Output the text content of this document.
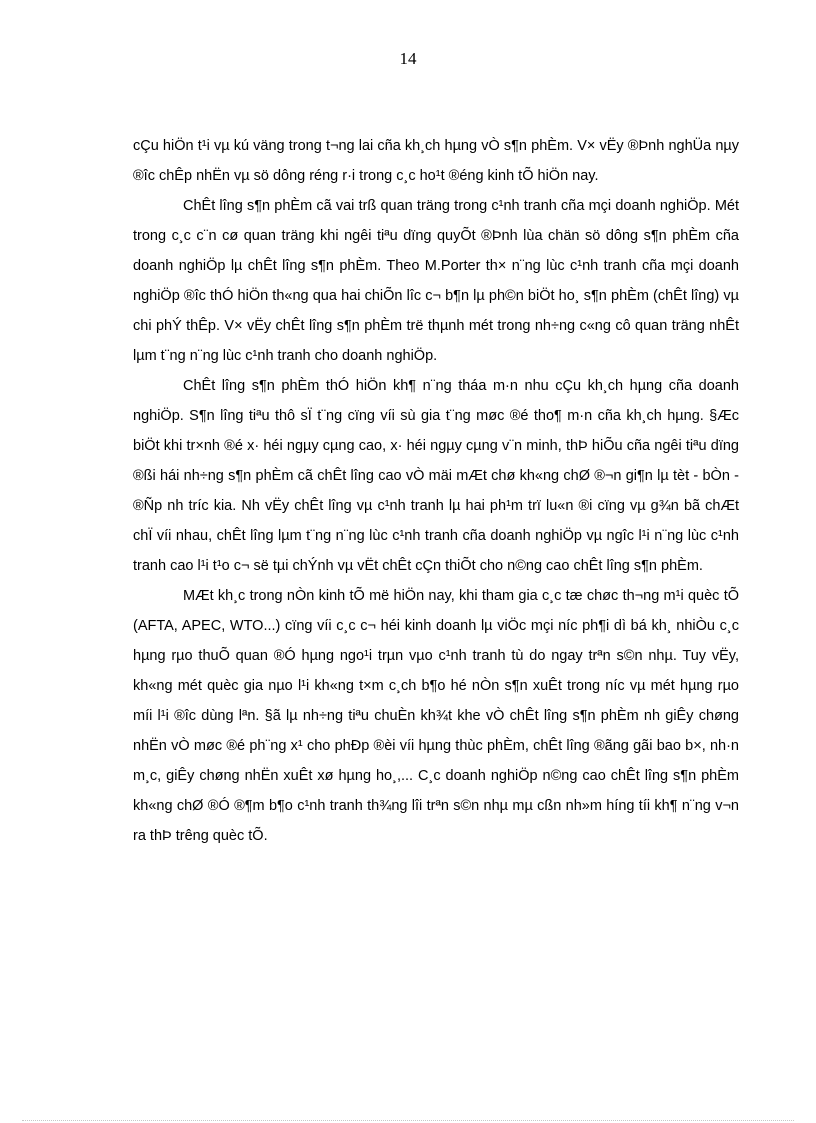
14

cÇu hiÖn t¹i vµ kú väng trong t¬ng lai cña kh¸ch hµng vÒ s¶n phÈm. V× vËy ®Þnh nghÜa nµy ®îc chÊp nhËn vµ sö dông réng r·i trong c¸c ho¹t ®éng kinh tÕ hiÖn nay.

ChÊt lîng s¶n phÈm cã vai trß quan träng trong c¹nh tranh cña mçi doanh nghiÖp. Mét trong c¸c c¨n cø quan träng khi ngêi tiªu dïng quyÕt ®Þnh lùa chän sö dông s¶n phÈm cña doanh nghiÖp lµ chÊt lîng s¶n phÈm. Theo M.Porter th× n¨ng lùc c¹nh tranh cña mçi doanh nghiÖp ®îc thÓ hiÖn th«ng qua hai chiÕn lîc c¬ b¶n lµ ph©n biÖt ho¸ s¶n phÈm (chÊt lîng) vµ chi phÝ thÊp. V× vËy chÊt lîng s¶n phÈm trë thµnh mét trong nh÷ng c«ng cô quan träng nhÊt lµm t¨ng n¨ng lùc c¹nh tranh cho doanh nghiÖp.

ChÊt lîng s¶n phÈm thÓ hiÖn kh¶ n¨ng tháa m·n nhu cÇu kh¸ch hµng cña doanh nghiÖp. S¶n lîng tiªu thô sÏ t¨ng cïng víi sù gia t¨ng møc ®é tho¶ m·n cña kh¸ch hµng. §Æc biÖt khi tr×nh ®é x· héi ngµy cµng cao, x· héi ngµy cµng v¨n minh, thÞ hiÕu cña ngêi tiªu dïng ®ßi hái nh÷ng s¶n phÈm cã chÊt lîng cao vÒ mäi mÆt chø kh«ng chØ ®¬n gi¶n lµ tèt - bÒn - ®Ñp nh tríc kia. Nh vËy chÊt lîng vµ c¹nh tranh lµ hai ph¹m trï lu«n ®i cïng vµ g¾n bã chÆt chÏ víi nhau, chÊt lîng lµm t¨ng n¨ng lùc c¹nh tranh cña doanh nghiÖp vµ ngîc l¹i n¨ng lùc c¹nh tranh cao l¹i t¹o c¬ së tµi chÝnh vµ vËt chÊt cÇn thiÕt cho n©ng cao chÊt lîng s¶n phÈm.

MÆt kh¸c trong nÒn kinh tÕ më hiÖn nay, khi tham gia c¸c tæ chøc th¬ng m¹i quèc tÕ (AFTA, APEC, WTO...) cïng víi c¸c c¬ héi kinh doanh lµ viÖc mçi níc ph¶i dì bá kh¸ nhiÒu c¸c hµng rµo thuÕ quan ®Ó hµng ngo¹i trµn vµo c¹nh tranh tù do ngay trªn s©n nhµ. Tuy vËy, kh«ng mét quèc gia nµo l¹i kh«ng t×m c¸ch b¶o hé nÒn s¶n xuÊt trong níc vµ mét hµng rµo míi l¹i ®îc dùng lªn. §ã lµ nh÷ng tiªu chuÈn kh¾t khe vÒ chÊt lîng s¶n phÈm nh giÊy chøng nhËn vÒ møc ®é ph¨ng x¹ cho phÐp ®èi víi hµng thùc phÈm, chÊt lîng ®ãng gãi bao b×, nh·n m¸c, giÊy chøng nhËn xuÊt xø hµng ho¸,... C¸c doanh nghiÖp n©ng cao chÊt lîng s¶n phÈm kh«ng chØ ®Ó ®¶m b¶o c¹nh tranh th¾ng lîi trªn s©n nhµ mµ cßn nh»m híng tíi kh¶ n¨ng v¬n ra thÞ trêng quèc tÕ.
